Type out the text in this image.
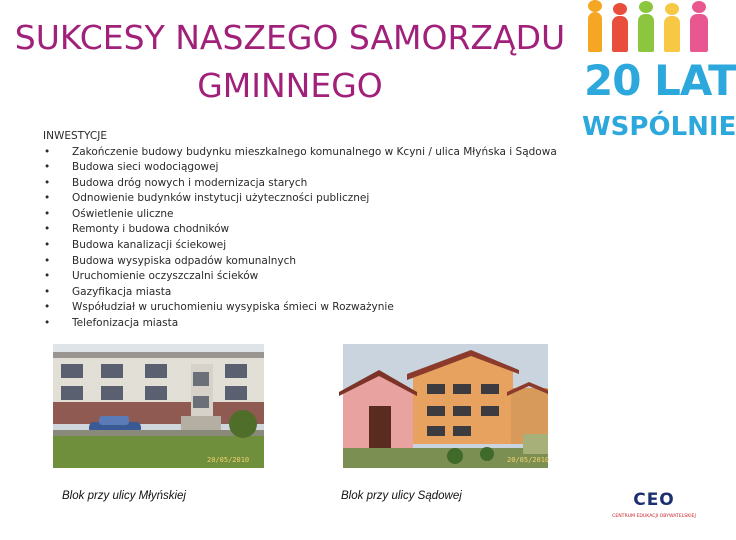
SUKCESY NASZEGO SAMORZĄDU GMINNEGO
INWESTYCJE
•	Zakończenie budowy budynku mieszkalnego komunalnego w Kcyni / ulica Młyńska i Sądowa
•	Budowa sieci wodociągowej
•	Budowa dróg nowych i modernizacja starych
•	Odnowienie budynków instytucji użyteczności publicznej
•	Oświetlenie uliczne
•	Remonty i budowa chodników
•	Budowa kanalizacji ściekowej
•	Budowa wysypiska odpadów komunalnych
•	Uruchomienie oczyszczalni ścieków
•	Gazyfikacja miasta
•	Współudział w uruchomieniu wysypiska śmieci w Rozważynie
•	Telefonizacja miasta
20 LAT
WSPÓLNIE
20/05/2010
Blok przy ulicy Młyńskiej
20/05/2010
Blok przy ulicy Sądowej	CEO
CENTRUM EDUKACJI OBYWATELSKIEJ
